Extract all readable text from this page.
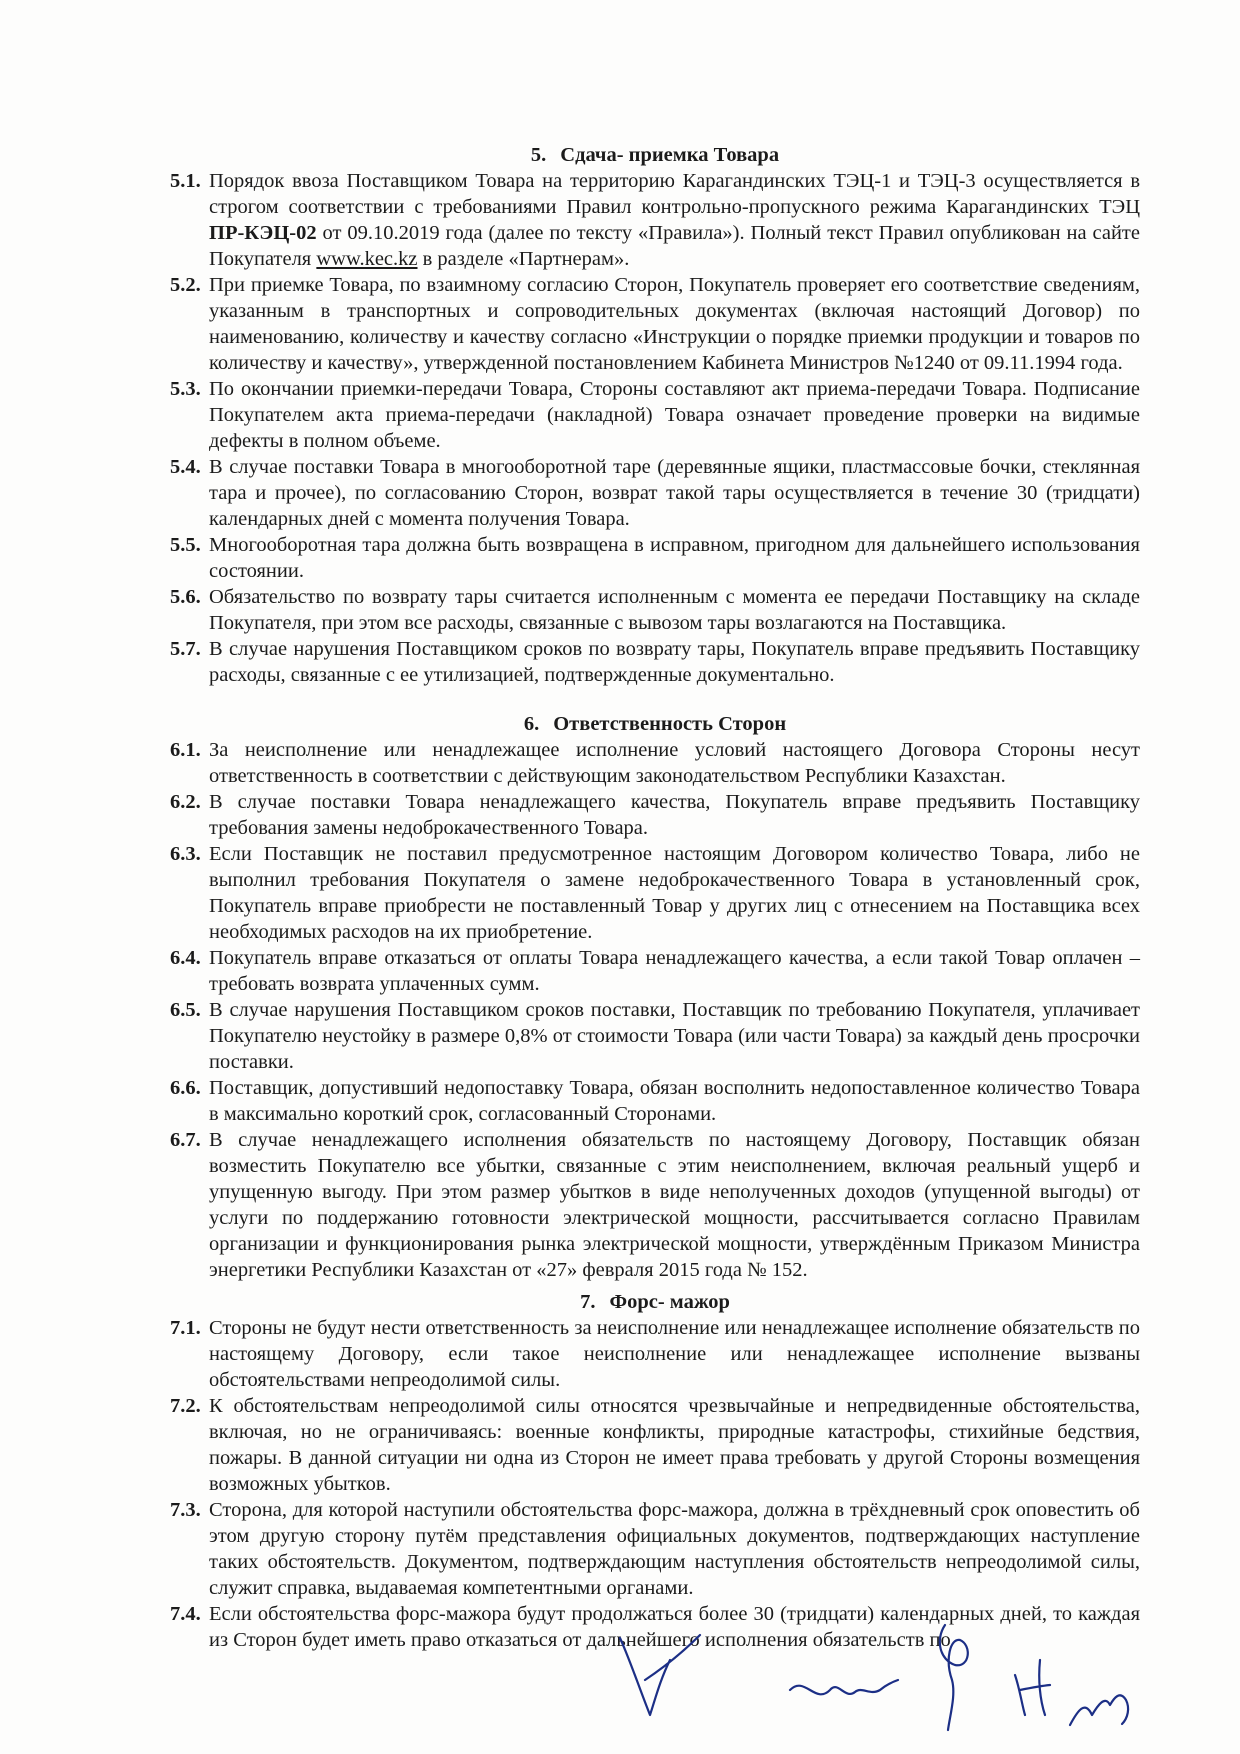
5. Сдача- приемка Товара
5.1. Порядок ввоза Поставщиком Товара на территорию Карагандинских ТЭЦ-1 и ТЭЦ-3 осуществляется в строгом соответствии с требованиями Правил контрольно-пропускного режима Карагандинских ТЭЦ ПР-КЭЦ-02 от 09.10.2019 года (далее по тексту «Правила»). Полный текст Правил опубликован на сайте Покупателя www.kec.kz в разделе «Партнерам».
5.2. При приемке Товара, по взаимному согласию Сторон, Покупатель проверяет его соответствие сведениям, указанным в транспортных и сопроводительных документах (включая настоящий Договор) по наименованию, количеству и качеству согласно «Инструкции о порядке приемки продукции и товаров по количеству и качеству», утвержденной постановлением Кабинета Министров №1240 от 09.11.1994 года.
5.3. По окончании приемки-передачи Товара, Стороны составляют акт приема-передачи Товара. Подписание Покупателем акта приема-передачи (накладной) Товара означает проведение проверки на видимые дефекты в полном объеме.
5.4. В случае поставки Товара в многооборотной таре (деревянные ящики, пластмассовые бочки, стеклянная тара и прочее), по согласованию Сторон, возврат такой тары осуществляется в течение 30 (тридцати) календарных дней с момента получения Товара.
5.5. Многооборотная тара должна быть возвращена в исправном, пригодном для дальнейшего использования состоянии.
5.6. Обязательство по возврату тары считается исполненным с момента ее передачи Поставщику на складе Покупателя, при этом все расходы, связанные с вывозом тары возлагаются на Поставщика.
5.7. В случае нарушения Поставщиком сроков по возврату тары, Покупатель вправе предъявить Поставщику расходы, связанные с ее утилизацией, подтвержденные документально.
6. Ответственность Сторон
6.1. За неисполнение или ненадлежащее исполнение условий настоящего Договора Стороны несут ответственность в соответствии с действующим законодательством Республики Казахстан.
6.2. В случае поставки Товара ненадлежащего качества, Покупатель вправе предъявить Поставщику требования замены недоброкачественного Товара.
6.3. Если Поставщик не поставил предусмотренное настоящим Договором количество Товара, либо не выполнил требования Покупателя о замене недоброкачественного Товара в установленный срок, Покупатель вправе приобрести не поставленный Товар у других лиц с отнесением на Поставщика всех необходимых расходов на их приобретение.
6.4. Покупатель вправе отказаться от оплаты Товара ненадлежащего качества, а если такой Товар оплачен – требовать возврата уплаченных сумм.
6.5. В случае нарушения Поставщиком сроков поставки, Поставщик по требованию Покупателя, уплачивает Покупателю неустойку в размере 0,8% от стоимости Товара (или части Товара) за каждый день просрочки поставки.
6.6. Поставщик, допустивший недопоставку Товара, обязан восполнить недопоставленное количество Товара в максимально короткий срок, согласованный Сторонами.
6.7. В случае ненадлежащего исполнения обязательств по настоящему Договору, Поставщик обязан возместить Покупателю все убытки, связанные с этим неисполнением, включая реальный ущерб и упущенную выгоду. При этом размер убытков в виде неполученных доходов (упущенной выгоды) от услуги по поддержанию готовности электрической мощности, рассчитывается согласно Правилам организации и функционирования рынка электрической мощности, утверждённым Приказом Министра энергетики Республики Казахстан от «27» февраля 2015 года № 152.
7. Форс- мажор
7.1. Стороны не будут нести ответственность за неисполнение или ненадлежащее исполнение обязательств по настоящему Договору, если такое неисполнение или ненадлежащее исполнение вызваны обстоятельствами непреодолимой силы.
7.2. К обстоятельствам непреодолимой силы относятся чрезвычайные и непредвиденные обстоятельства, включая, но не ограничиваясь: военные конфликты, природные катастрофы, стихийные бедствия, пожары. В данной ситуации ни одна из Сторон не имеет права требовать у другой Стороны возмещения возможных убытков.
7.3. Сторона, для которой наступили обстоятельства форс-мажора, должна в трёхдневный срок оповестить об этом другую сторону путём представления официальных документов, подтверждающих наступление таких обстоятельств. Документом, подтверждающим наступления обстоятельств непреодолимой силы, служит справка, выдаваемая компетентными органами.
7.4. Если обстоятельства форс-мажора будут продолжаться более 30 (тридцати) календарных дней, то каждая из Сторон будет иметь право отказаться от дальнейшего исполнения обязательств по
